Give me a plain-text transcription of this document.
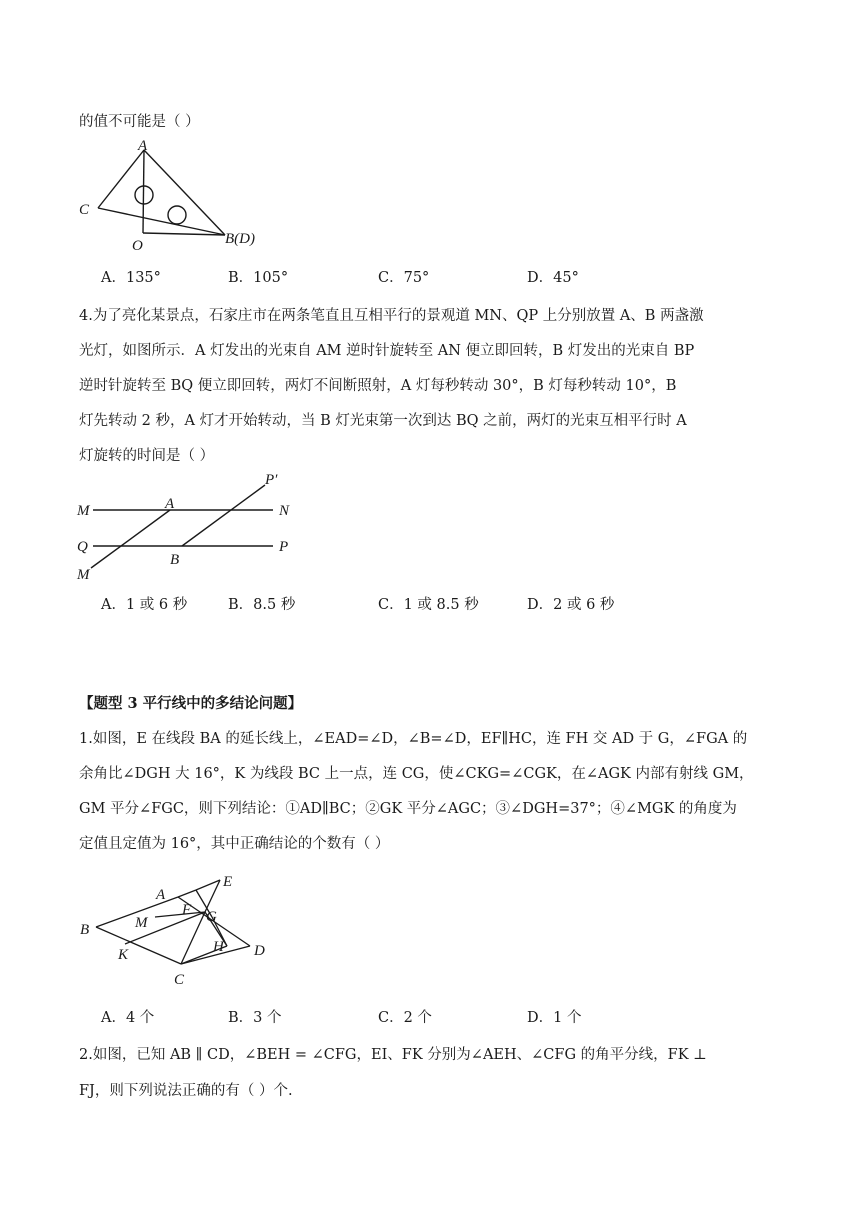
的值不可能是（ ）
A
C
O	B(D)
A．135°	B．105°	C．75°	D．45°
4.为了亮化某景点，石家庄市在两条笔直且互相平行的景观道 MN、QP 上分别放置 A、B 两盏激
光灯，如图所示．A 灯发出的光束自 AM 逆时针旋转至 AN 便立即回转，B 灯发出的光束自 BP
逆时针旋转至 BQ 便立即回转，两灯不间断照射，A 灯每秒转动 30°，B 灯每秒转动 10°，B
灯先转动 2 秒，A 灯才开始转动，当 B 灯光束第一次到达 BQ 之前，两灯的光束互相平行时 A
灯旋转的时间是（ ）
P′
M	A	N
Q
B
P
M
A．1 或 6 秒	B．8.5 秒	C．1 或 8.5 秒	D．2 或 6 秒
【题型 3 平行线中的多结论问题】
1.如图，E 在线段 BA 的延长线上，∠EAD=∠D，∠B=∠D，EF∥HC，连 FH 交 AD 于 G，∠FGA 的
余角比∠DGH 大 16°，K 为线段 BC 上一点，连 CG，使∠CKG=∠CGK，在∠AGK 内部有射线 GM，
GM 平分∠FGC，则下列结论：①AD∥BC；②GK 平分∠AGC；③∠DGH=37°；④∠MGK 的角度为
定值且定值为 16°，其中正确结论的个数有（ ）
E
A
F
M	G
B
H D
K
C
A．4 个	B．3 个	C．2 个	D．1 个
2.如图，已知 AB ∥ CD，∠BEH = ∠CFG，EI、FK 分别为∠AEH、∠CFG 的角平分线，FK ⊥
FJ，则下列说法正确的有（ ）个.
